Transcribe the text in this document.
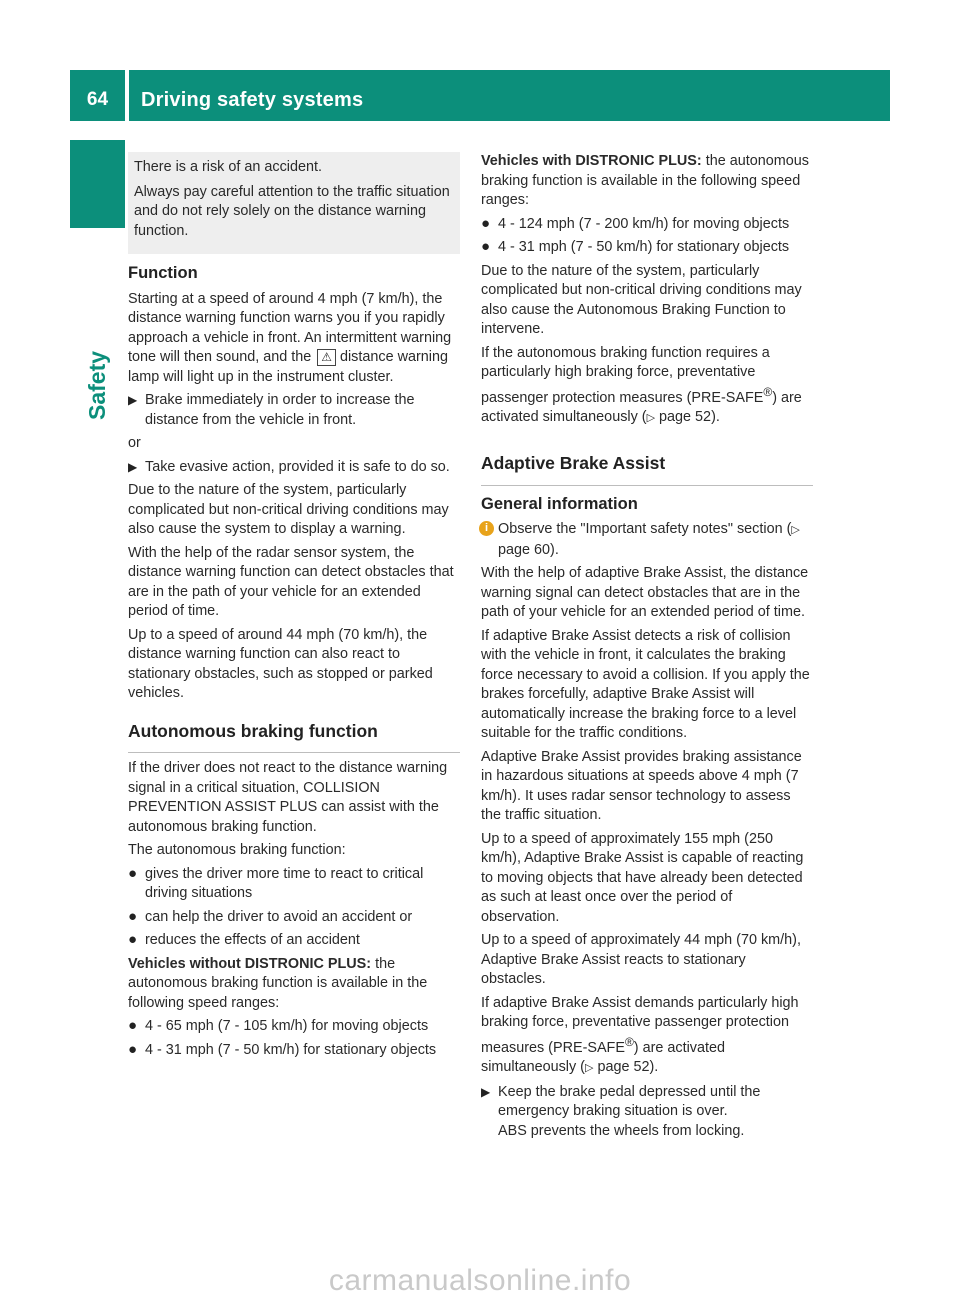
64	Driving safety systems
Safety

There is a risk of an accident.

Always pay careful attention to the traffic situation and do not rely solely on the distance warning function.

Function

Starting at a speed of around 4 mph (7 km/h), the distance warning function warns you if you rapidly approach a vehicle in front. An intermittent warning tone will then sound, and the ⚠ distance warning lamp will light up in the instrument cluster.

▶ Brake immediately in order to increase the distance from the vehicle in front.

or

▶ Take evasive action, provided it is safe to do so.

Due to the nature of the system, particularly complicated but non-critical driving conditions may also cause the system to display a warning.

With the help of the radar sensor system, the distance warning function can detect obstacles that are in the path of your vehicle for an extended period of time.

Up to a speed of around 44 mph (70 km/h), the distance warning function can also react to stationary obstacles, such as stopped or parked vehicles.

Autonomous braking function

If the driver does not react to the distance warning signal in a critical situation, COLLISION PREVENTION ASSIST PLUS can assist with the autonomous braking function.

The autonomous braking function:

● gives the driver more time to react to critical driving situations
● can help the driver to avoid an accident or
● reduces the effects of an accident

Vehicles without DISTRONIC PLUS: the autonomous braking function is available in the following speed ranges:

● 4 - 65 mph (7 - 105 km/h) for moving objects
● 4 - 31 mph (7 - 50 km/h) for stationary objects

Vehicles with DISTRONIC PLUS: the autonomous braking function is available in the following speed ranges:

● 4 - 124 mph (7 - 200 km/h) for moving objects
● 4 - 31 mph (7 - 50 km/h) for stationary objects

Due to the nature of the system, particularly complicated but non-critical driving conditions may also cause the Autonomous Braking Function to intervene.

If the autonomous braking function requires a particularly high braking force, preventative passenger protection measures (PRE-SAFE®) are activated simultaneously (▷ page 52).

Adaptive Brake Assist
General information
i Observe the "Important safety notes" section (▷ page 60).

With the help of adaptive Brake Assist, the distance warning signal can detect obstacles that are in the path of your vehicle for an extended period of time.

If adaptive Brake Assist detects a risk of collision with the vehicle in front, it calculates the braking force necessary to avoid a collision. If you apply the brakes forcefully, adaptive Brake Assist will automatically increase the braking force to a level suitable for the traffic conditions.

Adaptive Brake Assist provides braking assistance in hazardous situations at speeds above 4 mph (7 km/h). It uses radar sensor technology to assess the traffic situation.

Up to a speed of approximately 155 mph (250 km/h), Adaptive Brake Assist is capable of reacting to moving objects that have already been detected as such at least once over the period of observation.

Up to a speed of approximately 44 mph (70 km/h), Adaptive Brake Assist reacts to stationary obstacles.

If adaptive Brake Assist demands particularly high braking force, preventative passenger protection measures (PRE-SAFE®) are activated simultaneously (▷ page 52).

▶ Keep the brake pedal depressed until the emergency braking situation is over.
ABS prevents the wheels from locking.
carmanualsonline.info
